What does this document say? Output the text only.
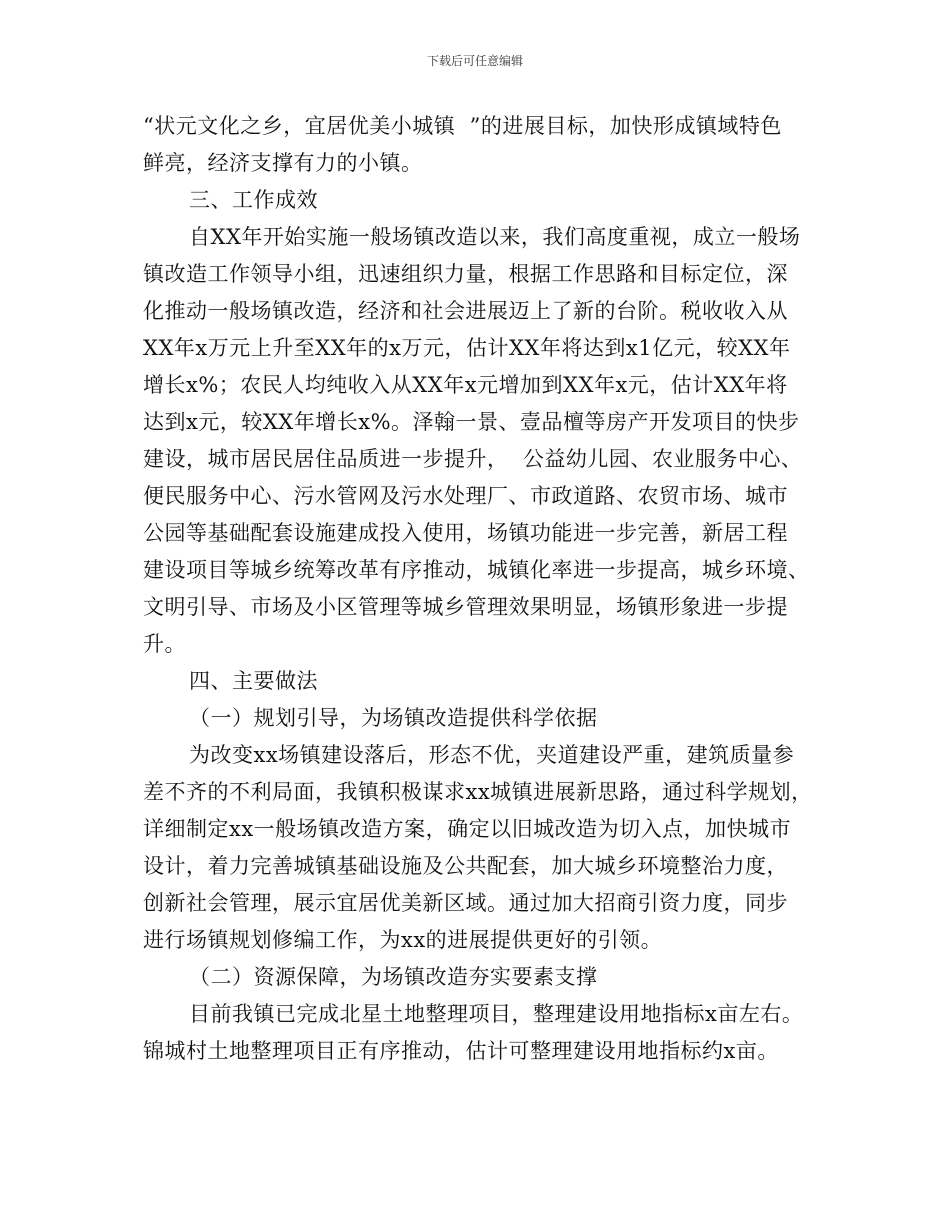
下载后可任意编辑
“状元文化之乡，宜居优美小城镇  ”的进展目标，加快形成镇域特色
鲜亮，经济支撑有力的小镇。
三、工作成效
自XX年开始实施一般场镇改造以来，我们高度重视，成立一般场
镇改造工作领导小组，迅速组织力量，根据工作思路和目标定位，深
化推动一般场镇改造，经济和社会进展迈上了新的台阶。税收收入从
XX年x万元上升至XX年的x万元，估计XX年将达到x1亿元，较XX年
增长x%；农民人均纯收入从XX年x元增加到XX年x元，估计XX年将
达到x元，较XX年增长x%。泽翰一景、壹品檀等房产开发项目的快步
建设，城市居民居住品质进一步提升，  公益幼儿园、农业服务中心、
便民服务中心、污水管网及污水处理厂、市政道路、农贸市场、城市
公园等基础配套设施建成投入使用，场镇功能进一步完善，新居工程
建设项目等城乡统筹改革有序推动，城镇化率进一步提高，城乡环境、
文明引导、市场及小区管理等城乡管理效果明显，场镇形象进一步提
升。
四、主要做法
（一）规划引导，为场镇改造提供科学依据
为改变xx场镇建设落后，形态不优，夹道建设严重，建筑质量参
差不齐的不利局面，我镇积极谋求xx城镇进展新思路，通过科学规划，
详细制定xx一般场镇改造方案，确定以旧城改造为切入点，加快城市
设计，着力完善城镇基础设施及公共配套，加大城乡环境整治力度，
创新社会管理，展示宜居优美新区域。通过加大招商引资力度，同步
进行场镇规划修编工作，为xx的进展提供更好的引领。
（二）资源保障，为场镇改造夯实要素支撑
目前我镇已完成北星土地整理项目，整理建设用地指标x亩左右。
锦城村土地整理项目正有序推动，估计可整理建设用地指标约x亩。
